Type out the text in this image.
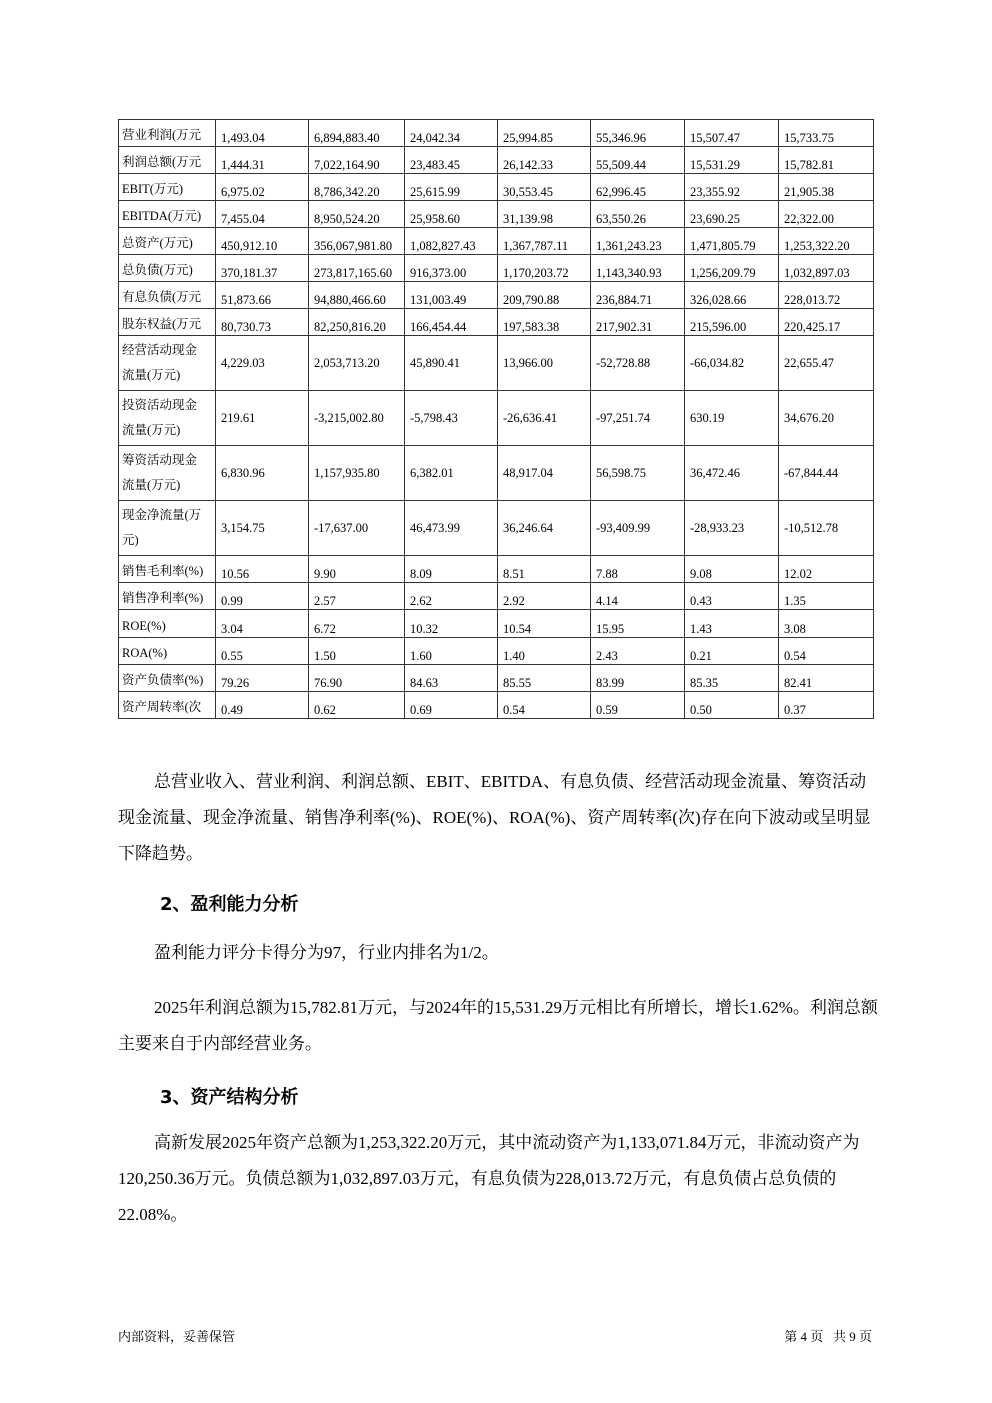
营业利润(万元	1,493.04	6,894,883.40	24,042.34	25,994.85	55,346.96	15,507.47	15,733.75
利润总额(万元	1,444.31	7,022,164.90	23,483.45	26,142.33	55,509.44	15,531.29	15,782.81
EBIT(万元)	6,975.02	8,786,342.20	25,615.99	30,553.45	62,996.45	23,355.92	21,905.38
EBITDA(万元)	7,455.04	8,950,524.20	25,958.60	31,139.98	63,550.26	23,690.25	22,322.00
总资产(万元)	450,912.10	356,067,981.80	1,082,827.43	1,367,787.11	1,361,243.23	1,471,805.79	1,253,322.20
总负债(万元)	370,181.37	273,817,165.60	916,373.00	1,170,203.72	1,143,340.93	1,256,209.79	1,032,897.03
有息负债(万元	51,873.66	94,880,466.60	131,003.49	209,790.88	236,884.71	326,028.66	228,013.72
股东权益(万元	80,730.73	82,250,816.20	166,454.44	197,583.38	217,902.31	215,596.00	220,425.17

经营活动现金
流量(万元)	4,229.03	2,053,713.20	45,890.41	13,966.00	-52,728.88	-66,034.82	22,655.47

投资活动现金
流量(万元)	219.61	-3,215,002.80	-5,798.43	-26,636.41	-97,251.74	630.19	34,676.20

筹资活动现金
流量(万元)	6,830.96	1,157,935.80	6,382.01	48,917.04	56,598.75	36,472.46	-67,844.44

现金净流量(万
元)	3,154.75	-17,637.00	46,473.99	36,246.64	-93,409.99	-28,933.23	-10,512.78
销售毛利率(%)	10.56	9.90	8.09	8.51	7.88	9.08	12.02
销售净利率(%)	0.99	2.57	2.62	2.92	4.14	0.43	1.35
ROE(%)	3.04	6.72	10.32	10.54	15.95	1.43	3.08
ROA(%)	0.55	1.50	1.60	1.40	2.43	0.21	0.54
资产负债率(%)	79.26	76.90	84.63	85.55	83.99	85.35	82.41
资产周转率(次	0.49	0.62	0.69	0.54	0.59	0.50	0.37

总营业收入、营业利润、利润总额、EBIT、EBITDA、有息负债、经营活动现金流量、筹资活动现金流量、现金净流量、销售净利率(%)、ROE(%)、ROA(%)、资产周转率(次)存在向下波动或呈明显下降趋势。

2、盈利能力分析

盈利能力评分卡得分为97，行业内排名为1/2。

2025年利润总额为15,782.81万元，与2024年的15,531.29万元相比有所增长，增长1.62%。利润总额主要来自于内部经营业务。

3、资产结构分析

高新发展2025年资产总额为1,253,322.20万元，其中流动资产为1,133,071.84万元，非流动资产为120,250.36万元。负债总额为1,032,897.03万元，有息负债为228,013.72万元，有息负债占总负债的22.08%。

内部资料，妥善保管	第 4 页   共 9 页
